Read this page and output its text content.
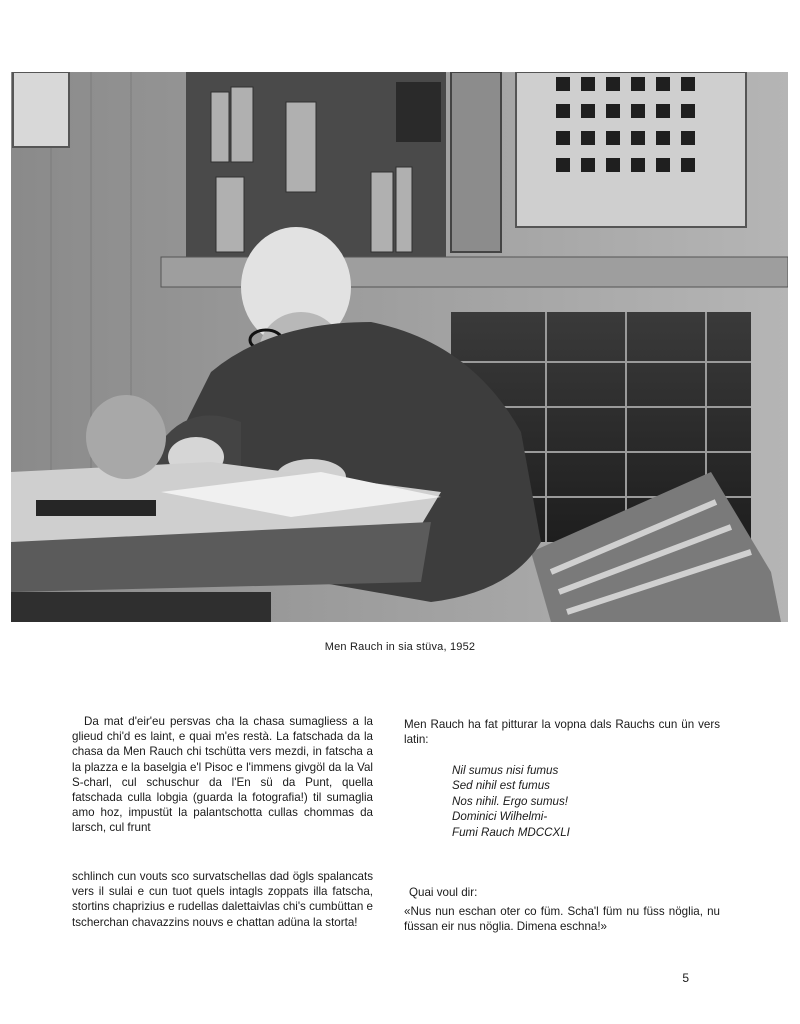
Men Rauch in sia stüva, 1952

Da mat d'eir'eu persvas cha la chasa sumagliess a la glieud chi'd es laint, e quai m'es restà. La fatschada da la chasa da Men Rauch chi tschütta vers mezdi, in fatscha a la plazza e la baselgia e'l Pisoc e l'immens givgöl da la Val S-charl, cul schuschur da l'En sü da Punt, quella fatschada culla lobgia (guarda la fotografia!) til sumaglia amo hoz, impustüt la palantschotta cullas chommas da larsch, cul frunt

schlinch cun vouts sco survatschellas dad ögls spalancats vers il sulai e cun tuot quels intagls zoppats illa fatscha, stortins chaprizius e rudellas dalettaivlas chi's cumbüttan e tscherchan chavazzins nouvs e chattan adüna la storta!

Men Rauch ha fat pitturar la vopna dals Rauchs cun ün vers latin:

Nil sumus nisi fumus
Sed nihil est fumus
Nos nihil. Ergo sumus!
Dominici Wilhelmi-
Fumi Rauch MDCCXLI

Quai voul dir:

«Nus nun eschan oter co füm. Scha'l füm nu füss nöglia, nu füssan eir nus nöglia. Dimena eschna!»

5
